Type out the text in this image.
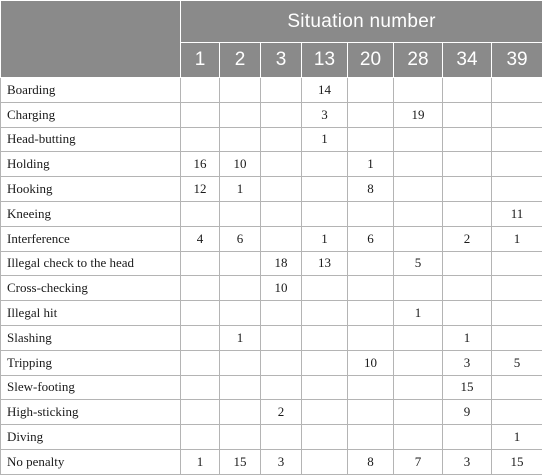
	Situation number							
	1	2	3	13	20	28	34	39
Boarding				14				
Charging				3		19		
Head-butting				1				
Holding	16	10			1			
Hooking	12	1			8			
Kneeing								11
Interference	4	6		1	6		2	1
Illegal check to the head			18	13		5		
Cross-checking			10					
Illegal hit						1		
Slashing		1					1	
Tripping					10		3	5
Slew-footing							15	
High-sticking			2				9	
Diving								1
No penalty	1	15	3		8	7	3	15
